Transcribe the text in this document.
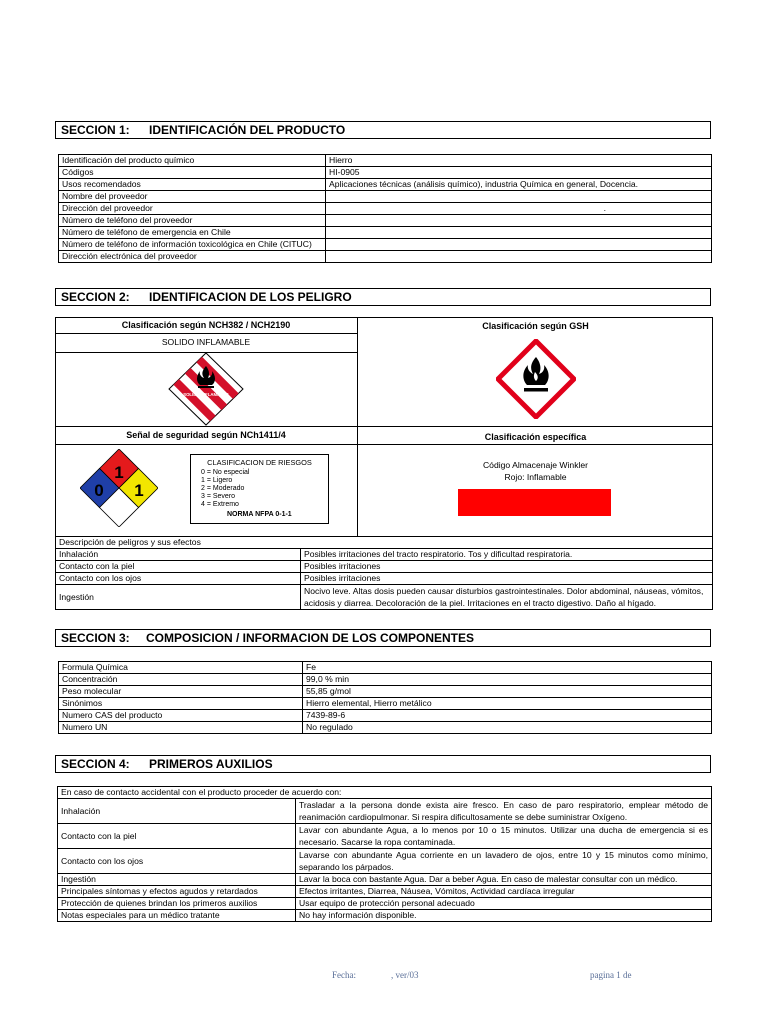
SECCION 1: IDENTIFICACIÓN DEL PRODUCTO
Identificación del producto químico	Hierro
Códigos	HI-0905
Usos recomendados	Aplicaciones técnicas (análisis químico), industria Química en general, Docencia.
Nombre del proveedor	
Dirección del proveedor	.
Número de teléfono del proveedor	
Número de teléfono de emergencia en Chile	
Número de teléfono de información toxicológica en Chile (CITUC)	
Dirección electrónica del proveedor	
SECCION 2: IDENTIFICACION DE LOS PELIGRO
Clasificación según NCH382 / NCH2190
SOLIDO INFLAMABLE
Clasificación según GSH
SOLIDO INFLAMABLE
Señal de seguridad según NCh1411/4	Clasificación específica
1
0 1
CLASIFICACION DE RIESGOS
0 = No especial
1 = Ligero
2 = Moderado
3 = Severo
4 = Extremo
NORMA NFPA 0-1-1
Código Almacenaje Winkler
Rojo: Inflamable
Descripción de peligros y sus efectos	
Inhalación	Posibles irritaciones del tracto respiratorio. Tos y dificultad respiratoria.
Contacto con la piel	Posibles irritaciones
Contacto con los ojos	Posibles irritaciones
Ingestión	Nocivo leve. Altas dosis pueden causar disturbios gastrointestinales. Dolor abdominal, náuseas, vómitos, acidosis y diarrea. Decoloración de la piel. Irritaciones en el tracto digestivo. Daño al hígado.
SECCION 3: COMPOSICION / INFORMACION DE LOS COMPONENTES
Formula Química	Fe
Concentración	99,0 % min
Peso molecular	55,85 g/mol
Sinónimos	Hierro elemental, Hierro metálico
Numero CAS del producto	7439-89-6
Numero UN	No regulado
SECCION 4: PRIMEROS AUXILIOS
En caso de contacto accidental con el producto proceder de acuerdo con:	
Inhalación	Trasladar a la persona donde exista aire fresco. En caso de paro respiratorio, emplear método de reanimación cardiopulmonar. Si respira dificultosamente se debe suministrar Oxígeno.
Contacto con la piel	Lavar con abundante Agua, a lo menos por 10 o 15 minutos. Utilizar una ducha de emergencia si es necesario. Sacarse la ropa contaminada.
Contacto con los ojos	Lavarse con abundante Agua corriente en un lavadero de ojos, entre 10 y 15 minutos como mínimo, separando los párpados.
Ingestión	Lavar la boca con bastante Agua. Dar a beber Agua. En caso de malestar consultar con un médico.
Principales síntomas y efectos agudos y retardados	Efectos irritantes, Diarrea, Náusea, Vómitos, Actividad cardíaca irregular
Protección de quienes brindan los primeros auxilios	Usar equipo de protección personal adecuado
Notas especiales para un médico tratante	No hay información disponible.
Fecha:	, ver/03	pagina 1 de
